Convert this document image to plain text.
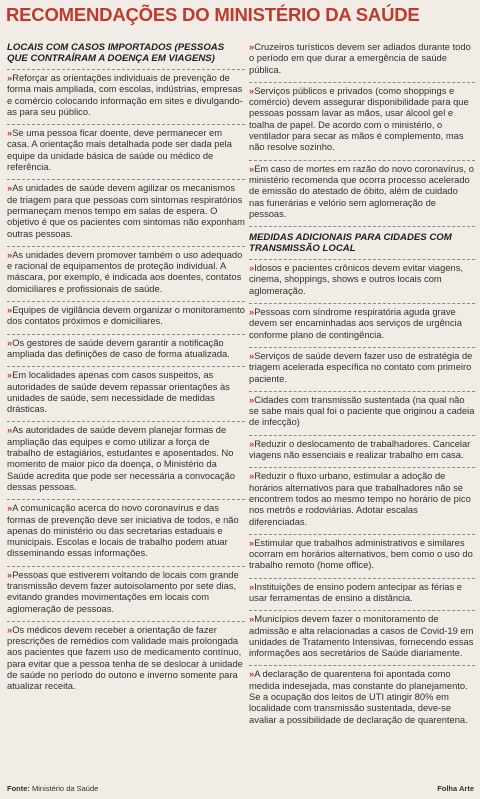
RECOMENDAÇÕES DO MINISTÉRIO DA SAÚDE
LOCAIS COM CASOS IMPORTADOS (PESSOAS QUE CONTRAÍRAM A DOENÇA EM VIAGENS)
»Reforçar as orientações individuais de prevenção de forma mais ampliada, com escolas, indústrias, empresas e comércio colocando informação em sites e divulgando-as para seu público.
»Se uma pessoa ficar doente, deve permanecer em casa. A orientação mais detalhada pode ser dada pela equipe da unidade básica de saúde ou médico de referência.
»As unidades de saúde devem agilizar os mecanismos de triagem para que pessoas com sintomas respiratórios permaneçam menos tempo em salas de espera. O objetivo é que os pacientes com sintomas não exponham outras pessoas.
»As unidades devem promover também o uso adequado e racional de equipamentos de proteção individual. A máscara, por exemplo, é indicada aos doentes, contatos domiciliares e profissionais de saúde.
»Equipes de vigilância devem organizar o monitoramento dos contatos próximos e domiciliares.
»Os gestores de saúde devem garantir a notificação ampliada das definições de caso de forma atualizada.
»Em localidades apenas com casos suspeitos, as autoridades de saúde devem repassar orientações às unidades de saúde, sem necessidade de medidas drásticas.
»As autoridades de saúde devem planejar formas de ampliação das equipes e como utilizar a força de trabalho de estagiários, estudantes e aposentados. No momento de maior pico da doença, o Ministério da Saúde acredita que pode ser necessária a convocação dessas pessoas.
»A comunicação acerca do novo coronavírus e das formas de prevenção deve ser iniciativa de todos, e não apenas do ministério ou das secretarias estaduais e municipais. Escolas e locais de trabalho podem atuar disseminando essas informações.
»Pessoas que estiverem voltando de locais com grande transmissão devem fazer autoisolamento por sete dias, evitando grandes movimentações em locais com aglomeração de pessoas.
»Os médicos devem receber a orientação de fazer prescrições de remédios com validade mais prolongada aos pacientes que fazem uso de medicamento contínuo, para evitar que a pessoa tenha de se deslocar à unidade de saúde no período do outono e inverno somente para atualizar receita.
»Cruzeiros turísticos devem ser adiados durante todo o período em que durar a emergência de saúde pública.
»Serviços públicos e privados (como shoppings e comércio) devem assegurar disponibilidade para que pessoas possam lavar as mãos, usar álcool gel e toalha de papel. De acordo com o ministério, o ventilador para secar as mãos é complemento, mas não resolve sozinho.
»Em caso de mortes em razão do novo coronavírus, o ministério recomenda que ocorra processo acelerado de emissão do atestado de óbito, além de cuidado nas funerárias e velório sem aglomeração de pessoas.
MEDIDAS ADICIONAIS PARA CIDADES COM TRANSMISSÃO LOCAL
»Idosos e pacientes crônicos devem evitar viagens, cinema, shoppings, shows e outros locais com aglomeração.
»Pessoas com síndrome respiratória aguda grave devem ser encaminhadas aos serviços de urgência conforme plano de contingência.
»Serviços de saúde devem fazer uso de estratégia de triagem acelerada específica no contato com primeiro paciente.
»Cidades com transmissão sustentada (na qual não se sabe mais qual foi o paciente que originou a cadeia de infecção)
»Reduzir o deslocamento de trabalhadores. Cancelar viagens não essenciais e realizar trabalho em casa.
»Reduzir o fluxo urbano, estimular a adoção de horários alternativos para que trabalhadores não se encontrem todos ao mesmo tempo no horário de pico nos metrôs e rodoviárias. Adotar escalas diferenciadas.
»Estimular que trabalhos administrativos e similares ocorram em horários alternativos, bem como o uso do trabalho remoto (home office).
»Instituições de ensino podem antecipar as férias e usar ferramentas de ensino a distância.
»Municípios devem fazer o monitoramento de admissão e alta relacionadas a casos de Covid-19 em unidades de Tratamento Intensivas, fornecendo essas informações aos secretários de Saúde diariamente.
»A declaração de quarentena foi apontada como medida indesejada, mas constante do planejamento. Se a ocupação dos leitos de UTI atingir 80% em localidade com transmissão sustentada, deve-se avaliar a possibilidade de declaração de quarentena.
Fonte: Ministério da Saúde	Folha Arte
